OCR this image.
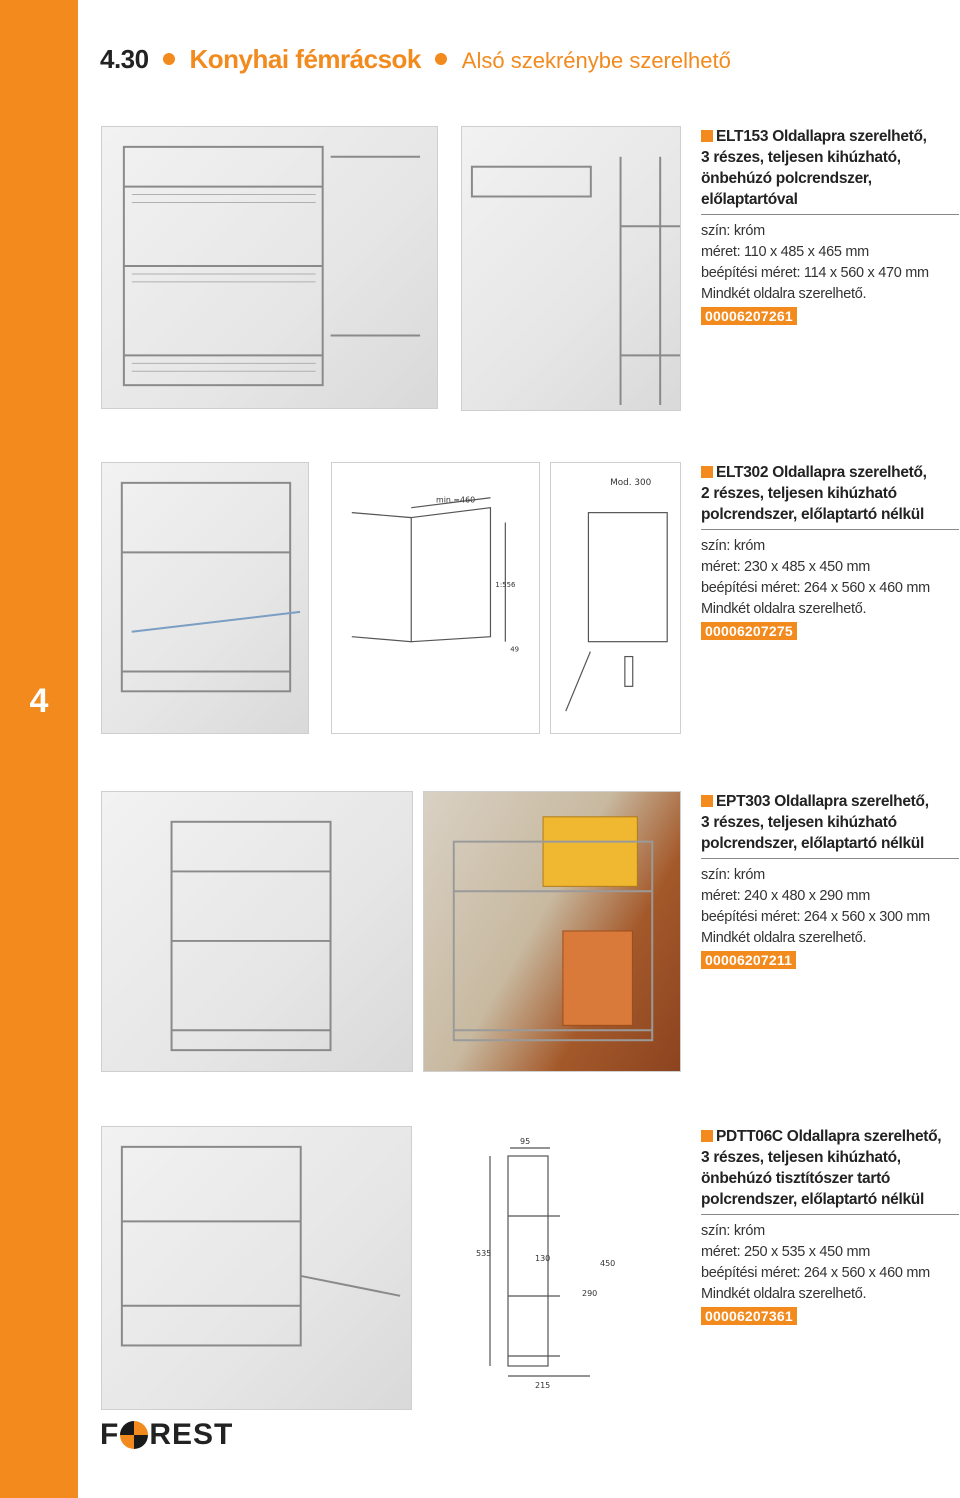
4
4.30 Konyhai fémrácsok Alsó szekrénybe szerelhető
ELT153 Oldallapra szerelhető,
3 részes, teljesen kihúzható,
önbehúzó polcrendszer,
előlaptartóval
szín: króm
méret: 110 x 485 x 465 mm
beépítési méret: 114 x 560 x 470 mm
Mindkét oldalra szerelhető.
00006207261
min.=460
1:556
49
Mod. 300
ELT302 Oldallapra szerelhető,
2 részes, teljesen kihúzható
polcrendszer, előlaptartó nélkül
szín: króm
méret: 230 x 485 x 450 mm
beépítési méret: 264 x 560 x 460 mm
Mindkét oldalra szerelhető.
00006207275
EPT303 Oldallapra szerelhető,
3 részes, teljesen kihúzható
polcrendszer, előlaptartó nélkül
szín: króm
méret: 240 x 480 x 290 mm
beépítési méret: 264 x 560 x 300 mm
Mindkét oldalra szerelhető.
00006207211
95
535
130
290
450
215
PDTT06C Oldallapra szerelhető,
3 részes, teljesen kihúzható,
önbehúzó tisztítószer tartó
polcrendszer, előlaptartó nélkül
szín: króm
méret: 250 x 535 x 450 mm
beépítési méret: 264 x 560 x 460 mm
Mindkét oldalra szerelhető.
00006207361
F REST
